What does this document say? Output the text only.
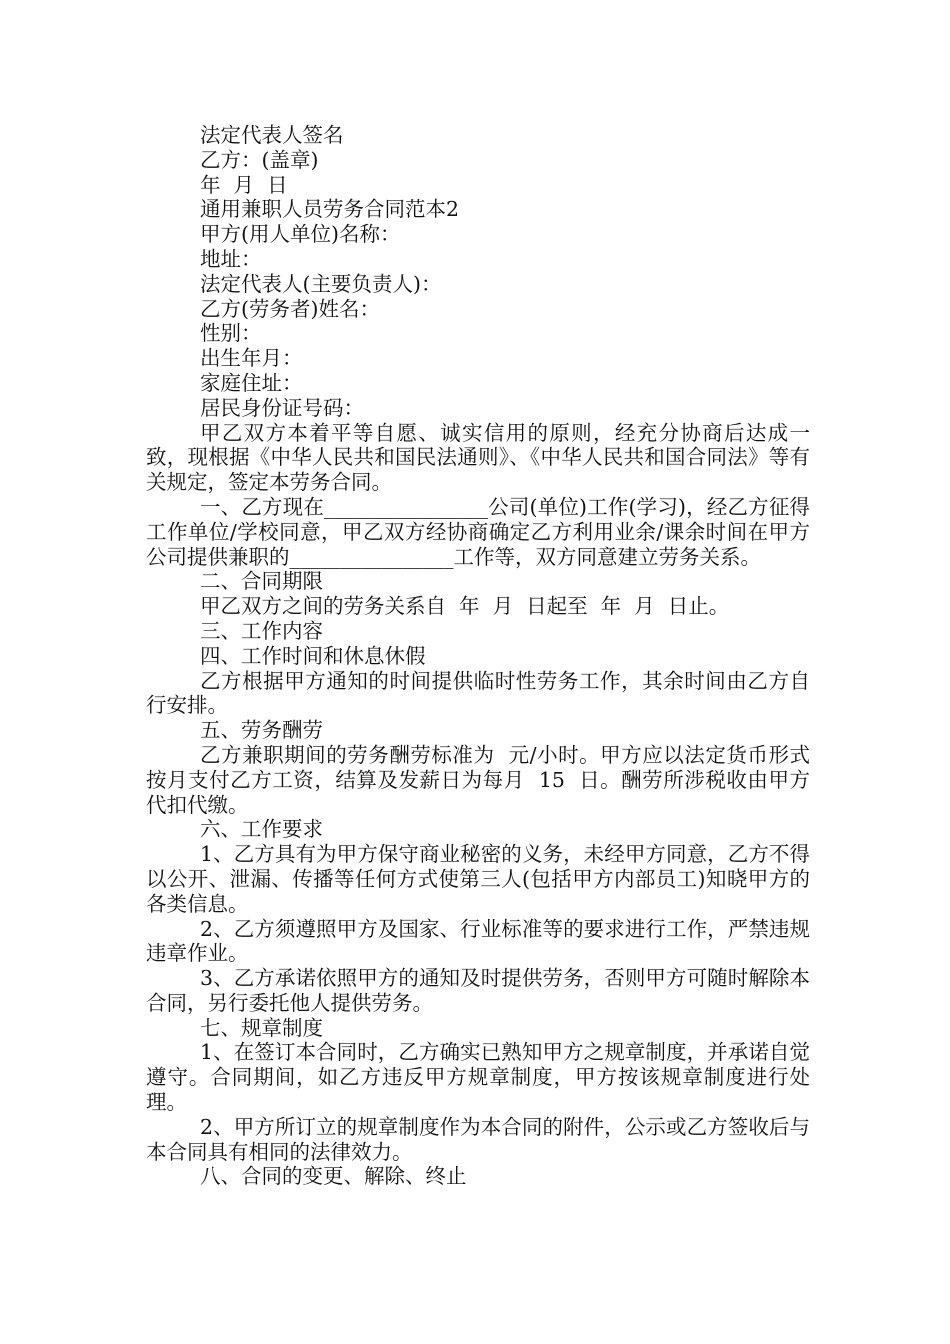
法定代表人签名

乙方：(盖章)

年  月  日

通用兼职人员劳务合同范本2

甲方(用人单位)名称：

地址：

法定代表人(主要负责人)：

乙方(劳务者)姓名：

性别：

出生年月：

家庭住址：

居民身份证号码：

甲乙双方本着平等自愿、诚实信用的原则，经充分协商后达成一致，现根据《中华人民共和国民法通则》、《中华人民共和国合同法》等有关规定，签定本劳务合同。

一、乙方现在________________公司(单位)工作(学习)，经乙方征得工作单位/学校同意，甲乙双方经协商确定乙方利用业余/课余时间在甲方公司提供兼职的________________工作等，双方同意建立劳务关系。

二、合同期限

甲乙双方之间的劳务关系自  年  月  日起至  年  月  日止。

三、工作内容

四、工作时间和休息休假

乙方根据甲方通知的时间提供临时性劳务工作，其余时间由乙方自行安排。

五、劳务酬劳

乙方兼职期间的劳务酬劳标准为  元/小时。甲方应以法定货币形式按月支付乙方工资，结算及发薪日为每月  15  日。酬劳所涉税收由甲方代扣代缴。

六、工作要求

1、乙方具有为甲方保守商业秘密的义务，未经甲方同意，乙方不得以公开、泄漏、传播等任何方式使第三人(包括甲方内部员工)知晓甲方的各类信息。

2、乙方须遵照甲方及国家、行业标准等的要求进行工作，严禁违规违章作业。

3、乙方承诺依照甲方的通知及时提供劳务，否则甲方可随时解除本合同，另行委托他人提供劳务。

七、规章制度

1、在签订本合同时，乙方确实已熟知甲方之规章制度，并承诺自觉遵守。合同期间，如乙方违反甲方规章制度，甲方按该规章制度进行处理。

2、甲方所订立的规章制度作为本合同的附件，公示或乙方签收后与本合同具有相同的法律效力。

八、合同的变更、解除、终止
